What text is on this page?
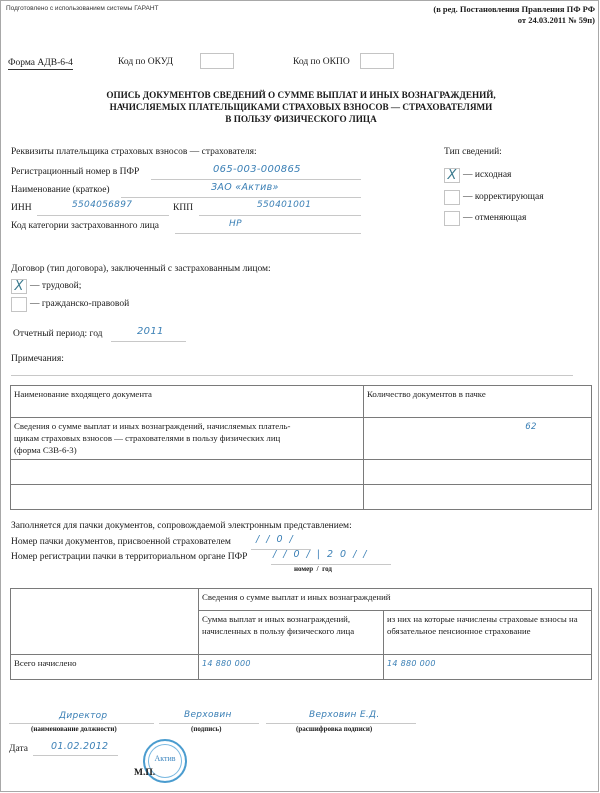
Подготовлено с использованием системы ГАРАНТ	(в ред. Постановления Правления ПФ РФ
от 24.03.2011 № 59п)
Форма АДВ-6-4	Код по ОКУД	Код по ОКПО
ОПИСЬ ДОКУМЕНТОВ СВЕДЕНИЙ О СУММЕ ВЫПЛАТ И ИНЫХ ВОЗНАГРАЖДЕНИЙ,
НАЧИСЛЯЕМЫХ ПЛАТЕЛЬЩИКАМИ СТРАХОВЫХ ВЗНОСОВ — СТРАХОВАТЕЛЯМИ
В ПОЛЬЗУ ФИЗИЧЕСКОГО ЛИЦА
Реквизиты плательщика страховых взносов — страхователя:
Регистрационный номер в ПФР	065-003-000865
Наименование (краткое)	ЗАО «Актив»
ИНН	5504056897	КПП	550401001
Код категории застрахованного лица	НР
Тип сведений:
X — исходная
— корректирующая
— отменяющая
Договор (тип договора), заключенный с застрахованным лицом:
X — трудовой;
— гражданско-правовой
Отчетный период: год	2011
Примечания:
Наименование входящего документа	Количество документов в пачке

Сведения о сумме выплат и иных вознаграждений, начисляемых платель-
щикам страховых взносов — страхователями в пользу физических лиц
(форма СЗВ-6-3)	62

Заполняется для пачки документов, сопровождаемой электронным представлением:
Номер пачки документов, присвоенной страхователем	/ / 0 /
Номер регистрации пачки в территориальном органе ПФР	/ / 0 / | 2 0 / /
номер  /  год
	Сведения о сумме выплат и иных вознаграждений	
	Сумма выплат и иных вознаграждений, начисленных в пользу физического лица	из них на которые начислены страховые взносы на обязательное пенсионное страхование
Всего начислено	14 880 000	14 880 000
Директор
(наименование должности)
Верховин
(подпись)
Верховин Е.Д.
(расшифровка подписи)
Дата 01.02.2012
Актив
М.П.
